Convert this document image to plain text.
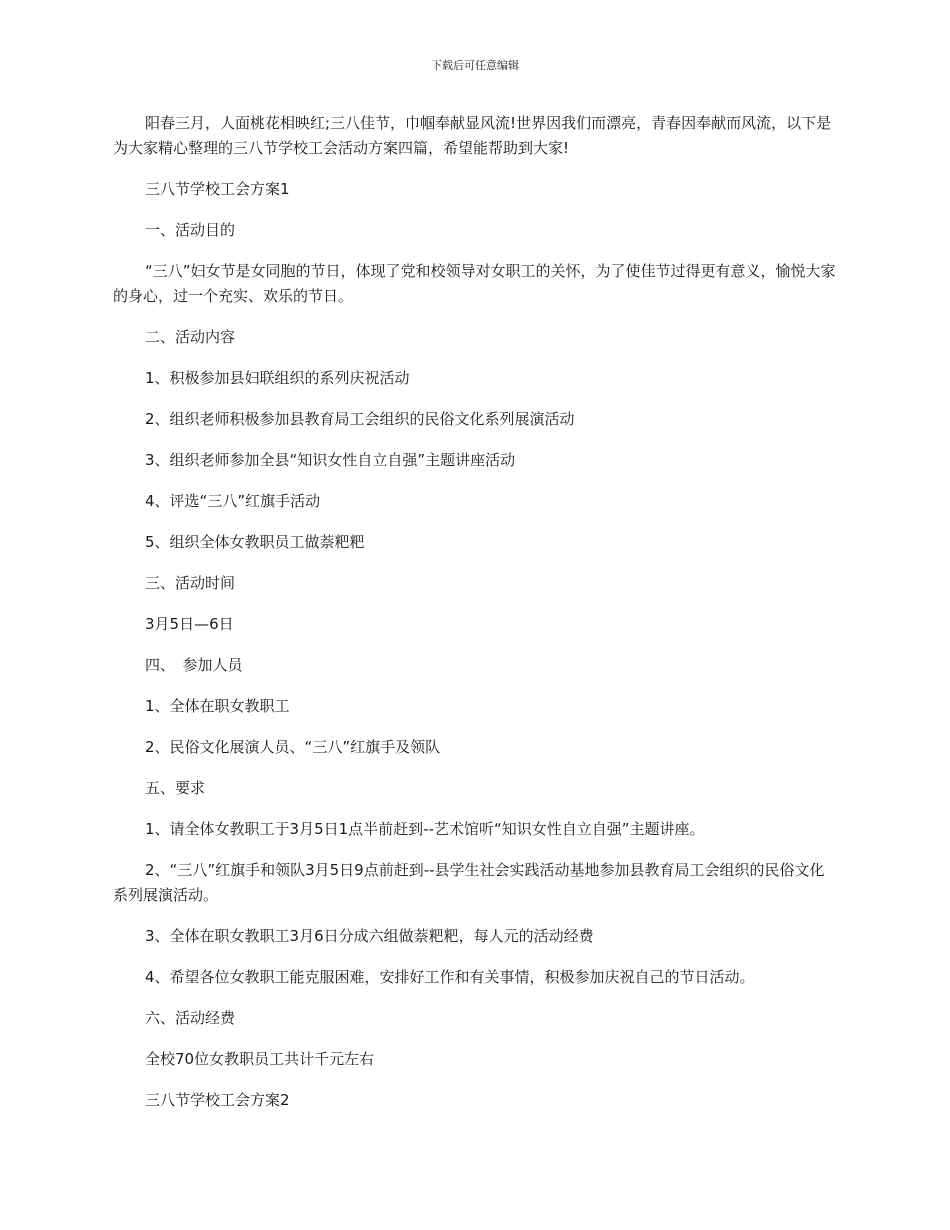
下载后可任意编辑

阳春三月，人面桃花相映红;三八佳节，巾帼奉献显风流!世界因我们而漂亮，青春因奉献而风流，以下是为大家精心整理的三八节学校工会活动方案四篇，希望能帮助到大家!

三八节学校工会方案1

一、活动目的

“三八”妇女节是女同胞的节日，体现了党和校领导对女职工的关怀，为了使佳节过得更有意义，愉悦大家的身心，过一个充实、欢乐的节日。

二、活动内容

1、积极参加县妇联组织的系列庆祝活动

2、组织老师积极参加县教育局工会组织的民俗文化系列展演活动

3、组织老师参加全县“知识女性自立自强”主题讲座活动

4、评选“三八”红旗手活动

5、组织全体女教职员工做萘粑粑

三、活动时间

3月5日—6日

四、　参加人员

1、全体在职女教职工

2、民俗文化展演人员、“三八”红旗手及领队

五、要求

1、请全体女教职工于3月5日1点半前赶到--艺术馆听“知识女性自立自强”主题讲座。

2、“三八”红旗手和领队3月5日9点前赶到--县学生社会实践活动基地参加县教育局工会组织的民俗文化系列展演活动。

3、全体在职女教职工3月6日分成六组做萘粑粑，每人元的活动经费

4、希望各位女教职工能克服困难，安排好工作和有关事情，积极参加庆祝自己的节日活动。

六、活动经费

全校70位女教职员工共计千元左右

三八节学校工会方案2
